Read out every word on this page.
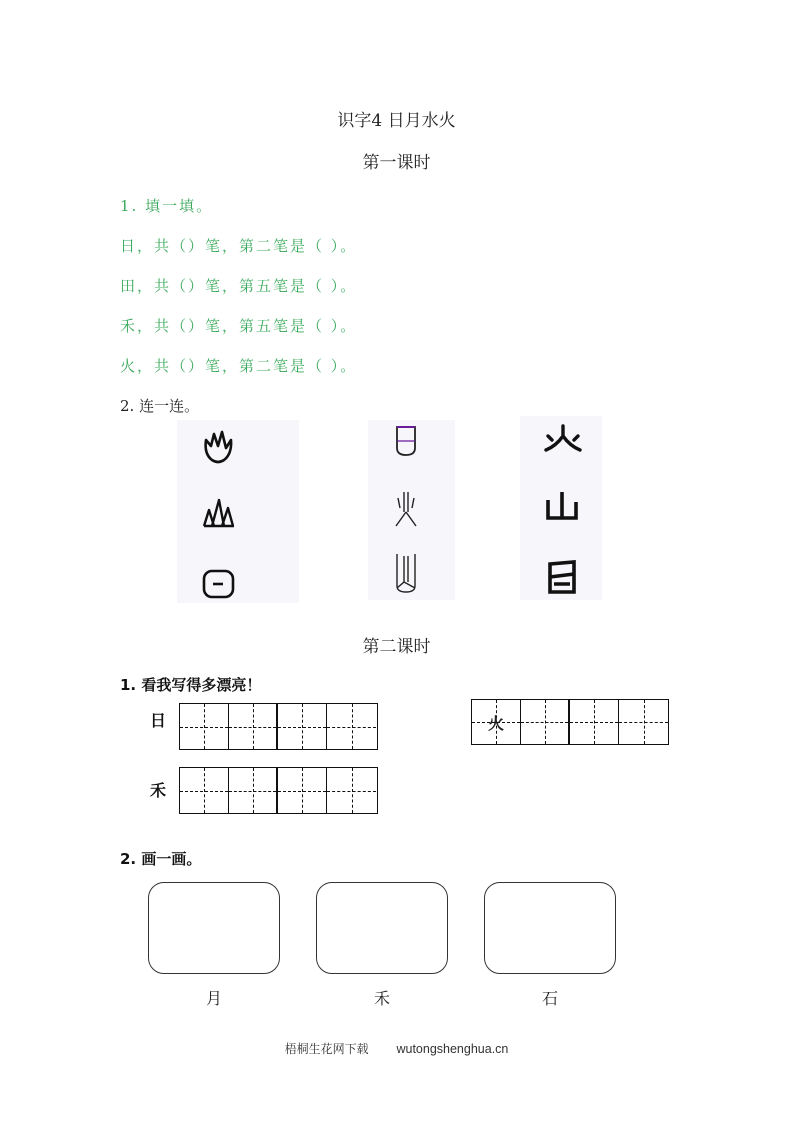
识字4 日月水火
第一课时
1. 填一填。
日，共（）笔，第二笔是（ ）。
田，共（）笔，第五笔是（ ）。
禾，共（）笔，第五笔是（ ）。
火，共（）笔，第二笔是（ ）。
2. 连一连。
第二课时
1. 看我写得多漂亮！
日	火
禾
2. 画一画。
月	禾	石
梧桐生花网下载 wutongshenghua.cn
